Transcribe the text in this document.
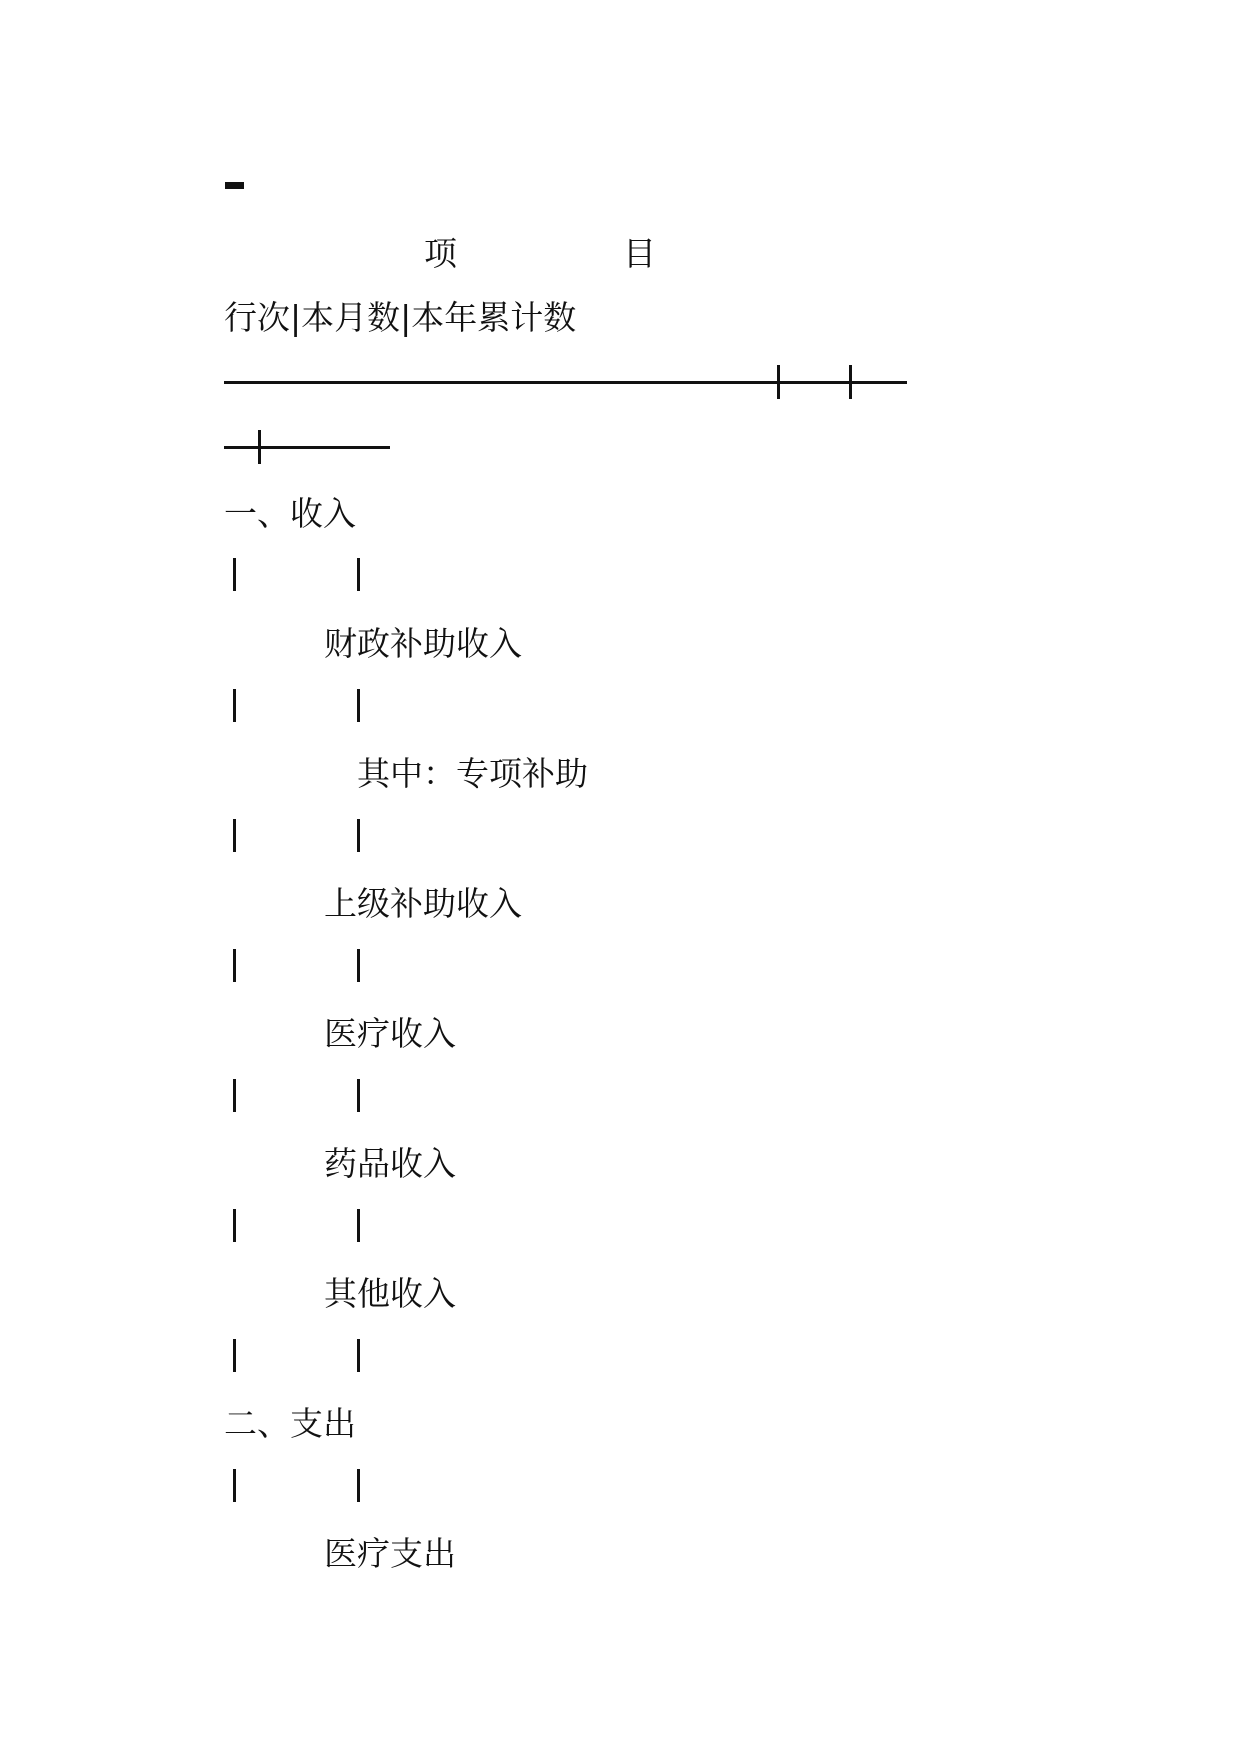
项	目
行次|本月数|本年累计数
一、收入
财政补助收入
其中：专项补助
上级补助收入
医疗收入
药品收入
其他收入
二、支出
医疗支出
